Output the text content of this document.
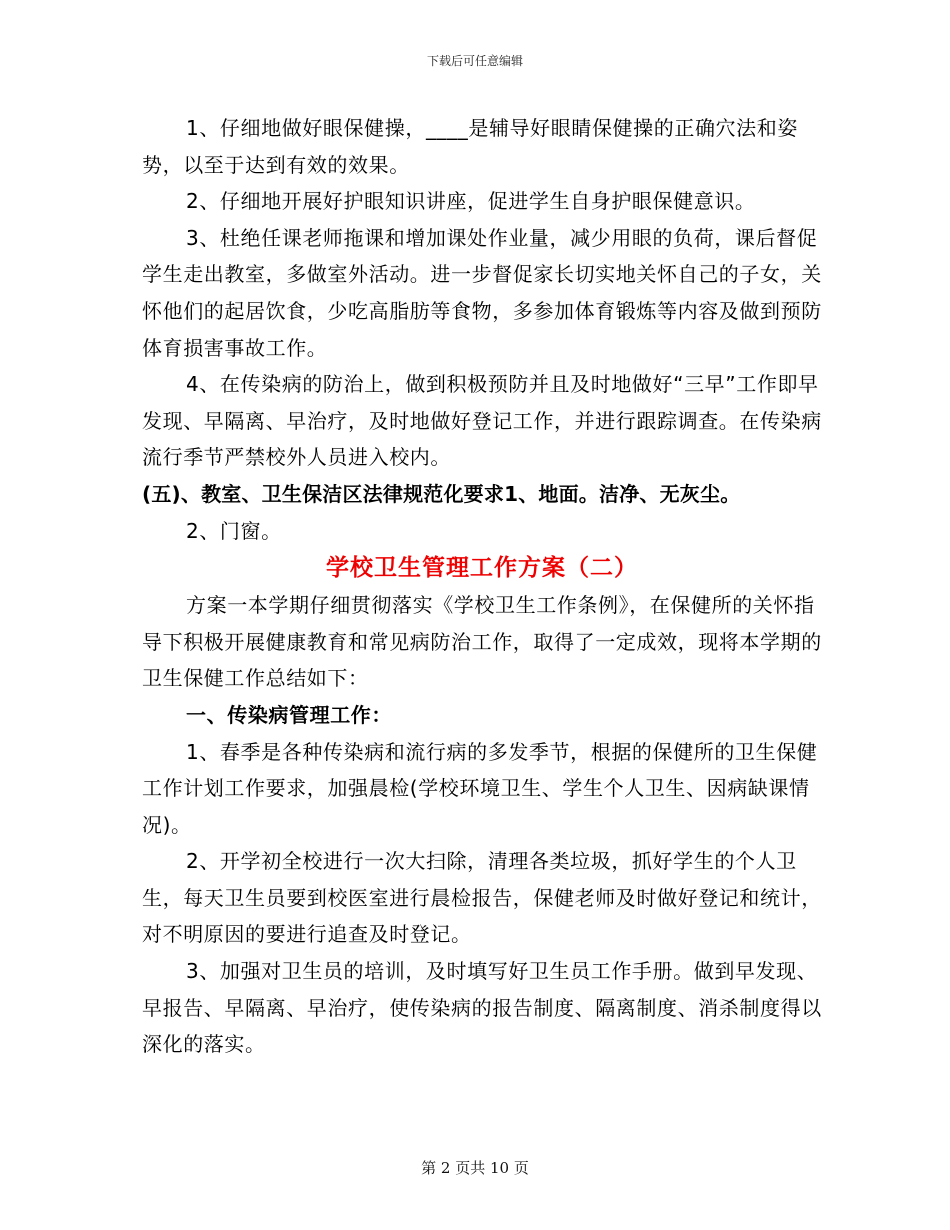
下载后可任意编辑

1、仔细地做好眼保健操，____是辅导好眼睛保健操的正确穴法和姿势，以至于达到有效的效果。

2、仔细地开展好护眼知识讲座，促进学生自身护眼保健意识。

3、杜绝任课老师拖课和增加课处作业量，减少用眼的负荷，课后督促学生走出教室，多做室外活动。进一步督促家长切实地关怀自己的子女，关怀他们的起居饮食，少吃高脂肪等食物，多参加体育锻炼等内容及做到预防体育损害事故工作。

4、在传染病的防治上，做到积极预防并且及时地做好“三早”工作即早发现、早隔离、早治疗，及时地做好登记工作，并进行跟踪调查。在传染病流行季节严禁校外人员进入校内。

(五)、教室、卫生保洁区法律规范化要求1、地面。洁净、无灰尘。

2、门窗。

学校卫生管理工作方案（二）

方案一本学期仔细贯彻落实《学校卫生工作条例》，在保健所的关怀指导下积极开展健康教育和常见病防治工作，取得了一定成效，现将本学期的卫生保健工作总结如下：

一、传染病管理工作：

1、春季是各种传染病和流行病的多发季节，根据的保健所的卫生保健工作计划工作要求，加强晨检(学校环境卫生、学生个人卫生、因病缺课情况)。

2、开学初全校进行一次大扫除，清理各类垃圾，抓好学生的个人卫生，每天卫生员要到校医室进行晨检报告，保健老师及时做好登记和统计，对不明原因的要进行追查及时登记。

3、加强对卫生员的培训，及时填写好卫生员工作手册。做到早发现、早报告、早隔离、早治疗，使传染病的报告制度、隔离制度、消杀制度得以深化的落实。

第 2 页共 10 页
